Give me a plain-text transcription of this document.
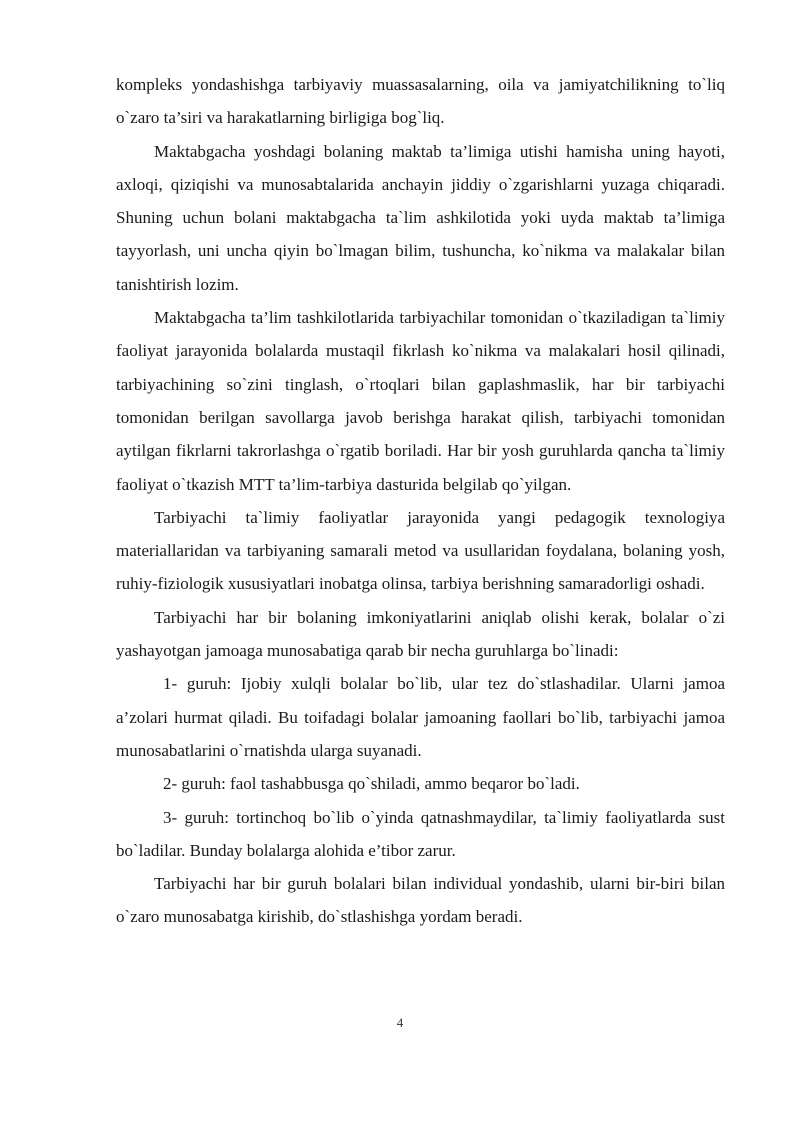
kompleks yondashishga tarbiyaviy muassasalarning, oila va jamiyatchilikning to`liq o`zaro ta’siri va harakatlarning birligiga bog`liq.

Maktabgacha yoshdagi bolaning maktab ta’limiga utishi hamisha uning hayoti, axloqi, qiziqishi va munosabtalarida anchayin jiddiy o`zgarishlarni yuzaga chiqaradi. Shuning uchun bolani maktabgacha ta`lim ashkilotida yoki uyda maktab ta’limiga tayyorlash, uni uncha qiyin bo`lmagan bilim, tushuncha, ko`nikma va malakalar bilan tanishtirish lozim.

Maktabgacha ta’lim tashkilotlarida tarbiyachilar tomonidan o`tkaziladigan ta`limiy faoliyat jarayonida bolalarda mustaqil fikrlash ko`nikma va malakalari hosil qilinadi, tarbiyachining so`zini tinglash, o`rtoqlari bilan gaplashmaslik, har bir tarbiyachi tomonidan berilgan savollarga javob berishga harakat qilish, tarbiyachi tomonidan aytilgan fikrlarni takrorlashga o`rgatib boriladi. Har bir yosh guruhlarda qancha ta`limiy faoliyat o`tkazish MTT ta’lim-tarbiya dasturida belgilab qo`yilgan.

Tarbiyachi ta`limiy faoliyatlar jarayonida yangi pedagogik texnologiya materiallaridan va tarbiyaning samarali metod va usullaridan foydalana, bolaning yosh, ruhiy-fiziologik xususiyatlari inobatga olinsa, tarbiya berishning samaradorligi oshadi.

Tarbiyachi har bir bolaning imkoniyatlarini aniqlab olishi kerak, bolalar o`zi yashayotgan jamoaga munosabatiga qarab bir necha guruhlarga bo`linadi:

1- guruh: Ijobiy xulqli bolalar bo`lib, ular tez do`stlashadilar. Ularni jamoa a’zolari hurmat qiladi. Bu toifadagi bolalar jamoaning faollari bo`lib, tarbiyachi jamoa munosabatlarini o`rnatishda ularga suyanadi.

2- guruh: faol tashabbusga qo`shiladi, ammo beqaror bo`ladi.

3- guruh: tortinchoq bo`lib o`yinda qatnashmaydilar, ta`limiy faoliyatlarda sust bo`ladilar. Bunday bolalarga alohida e’tibor zarur.

Tarbiyachi har bir guruh bolalari bilan individual yondashib, ularni bir-biri bilan o`zaro munosabatga kirishib, do`stlashishga yordam beradi.

4
